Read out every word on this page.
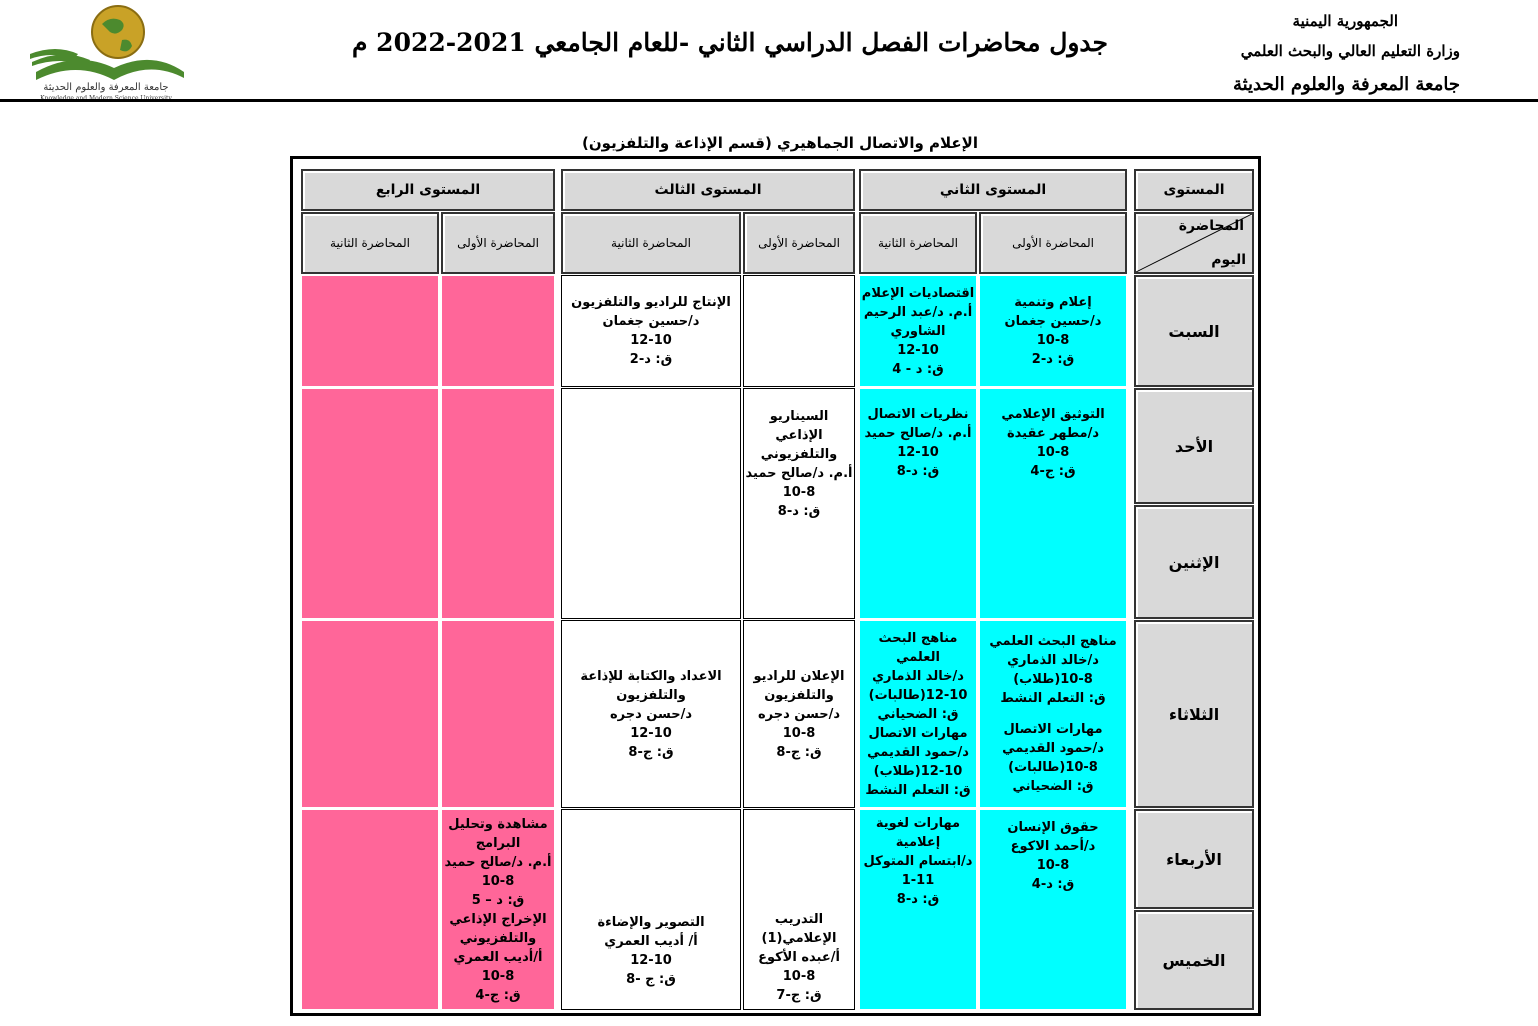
الجمهورية اليمنية
وزارة التعليم العالي والبحث العلمي
جامعة المعرفة والعلوم الحديثة
جدول محاضرات الفصل الدراسي الثاني -للعام الجامعي 2021-2022 م
جامعة المعرفة والعلوم الحديثة
الإعلام والاتصال الجماهيري (قسم الإذاعة والتلفزيون)
المستوى
المحاضرة
اليوم
المستوى الثاني
المستوى الثالث
المستوى الرابع
المحاضرة الأولى
المحاضرة الثانية
المحاضرة الأولى
المحاضرة الثانية
المحاضرة الأولى
المحاضرة الثانية
السبت
الأحد
الإثنين
الثلاثاء
الأربعاء
الخميس
إعلام وتنمية
د/حسين جغمان
10-8
ق: د-2
اقتصاديات الإعلام
أ.م. د/عبد الرحيم
الشاوري
12-10
ق: د - 4
التوثيق الإعلامي
د/مطهر عقيدة
10-8
ق: ج-4
نظريات الاتصال
أ.م. د/صالح حميد
12-10
ق: د-8
مناهج البحث العلمي
د/خالد الذماري
10-8(طلاب)
ق: التعلم النشط
مهارات الاتصال
د/حمود القديمي
10-8(طالبات)
ق: الضحياني
مناهج البحث
العلمي
د/خالد الذماري
12-10(طالبات)
ق: الضحياني
مهارات الاتصال
د/حمود القديمي
12-10(طلاب)
ق: التعلم النشط
حقوق الإنسان
د/أحمد الاكوع
10-8
ق: د-4
مهارات لغوية
إعلامية
د/ابتسام المتوكل
1-11
ق: د-8
الإنتاج للراديو والتلفزيون
د/حسين جغمان
12-10
ق: د-2
السيناريو الإذاعي
والتلفزيوني
أ.م. د/صالح حميد
10-8
ق: د-8
الإعلان للراديو
والتلفزيون
د/حسن دجره
10-8
ق: ج-8
الاعداد والكتابة للإذاعة
والتلفزيون
د/حسن دجره
12-10
ق: ج-8
التدريب
الإعلامي(1)
أ/عبده الأكوع
10-8
ق: ج-7
التصوير والإضاءة
أ/ أديب العمري
12-10
ق: ج -8
مشاهدة وتحليل
البرامج
أ.م. د/صالح حميد
10-8
ق: د – 5
الإخراج الإذاعي
والتلفزيوني
أ/أديب العمري
10-8
ق: ج-4
